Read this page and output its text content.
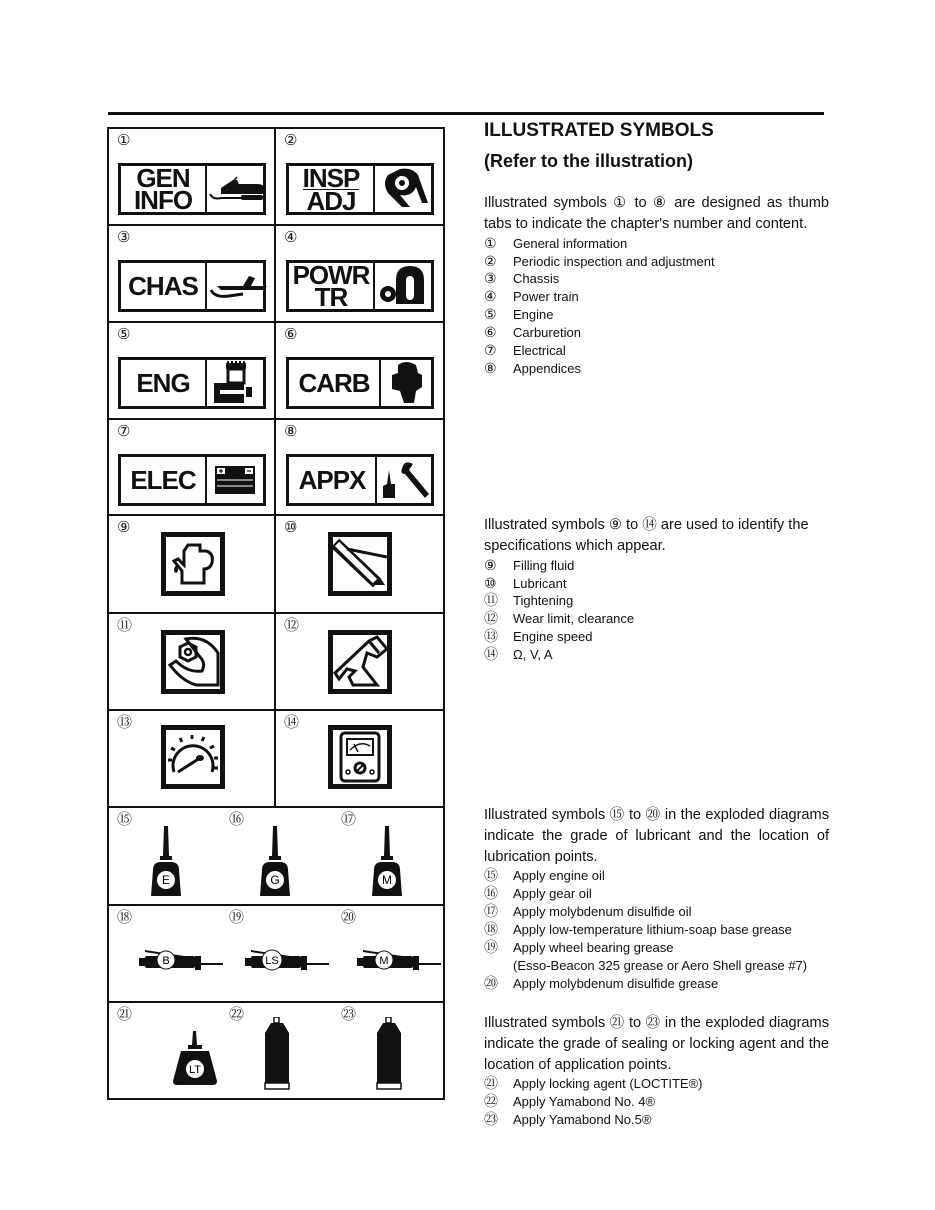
①
GEN
INFO
②
INSP
ADJ
③
CHAS
④
POWR
TR
⑤
ENG
⑥
CARB
⑦
ELEC
⑧
APPX
⑨	⑩
⑪	⑫
⑬	⑭
⑮
E
⑯
G
⑰
M
⑱
B
⑲
LS
⑳
M
㉑
LT
㉒	㉓
ILLUSTRATED SYMBOLS
(Refer to the illustration)
Illustrated symbols ① to ⑧ are designed as thumb tabs to indicate the chapter's number and content.
①	General information
②	Periodic inspection and adjustment
③	Chassis
④	Power train
⑤	Engine
⑥	Carburetion
⑦	Electrical
⑧	Appendices
Illustrated symbols ⑨ to ⑭ are used to identify the specifications which appear.
⑨	Filling fluid
⑩	Lubricant
⑪	Tightening
⑫	Wear limit, clearance
⑬	Engine speed
⑭	Ω, V, A
Illustrated symbols ⑮ to ⑳ in the exploded diagrams indicate the grade of lubricant and the location of lubrication points.
⑮	Apply engine oil
⑯	Apply gear oil
⑰	Apply molybdenum disulfide oil
⑱	Apply low-temperature lithium-soap base grease
⑲	Apply wheel bearing grease
(Esso-Beacon 325 grease or Aero Shell grease #7)
⑳	Apply molybdenum disulfide grease
Illustrated symbols ㉑ to ㉓ in the exploded diagrams indicate the grade of sealing or locking agent and the location of application points.
㉑	Apply locking agent (LOCTITE®)
㉒	Apply Yamabond No. 4®
㉓	Apply Yamabond No.5®
